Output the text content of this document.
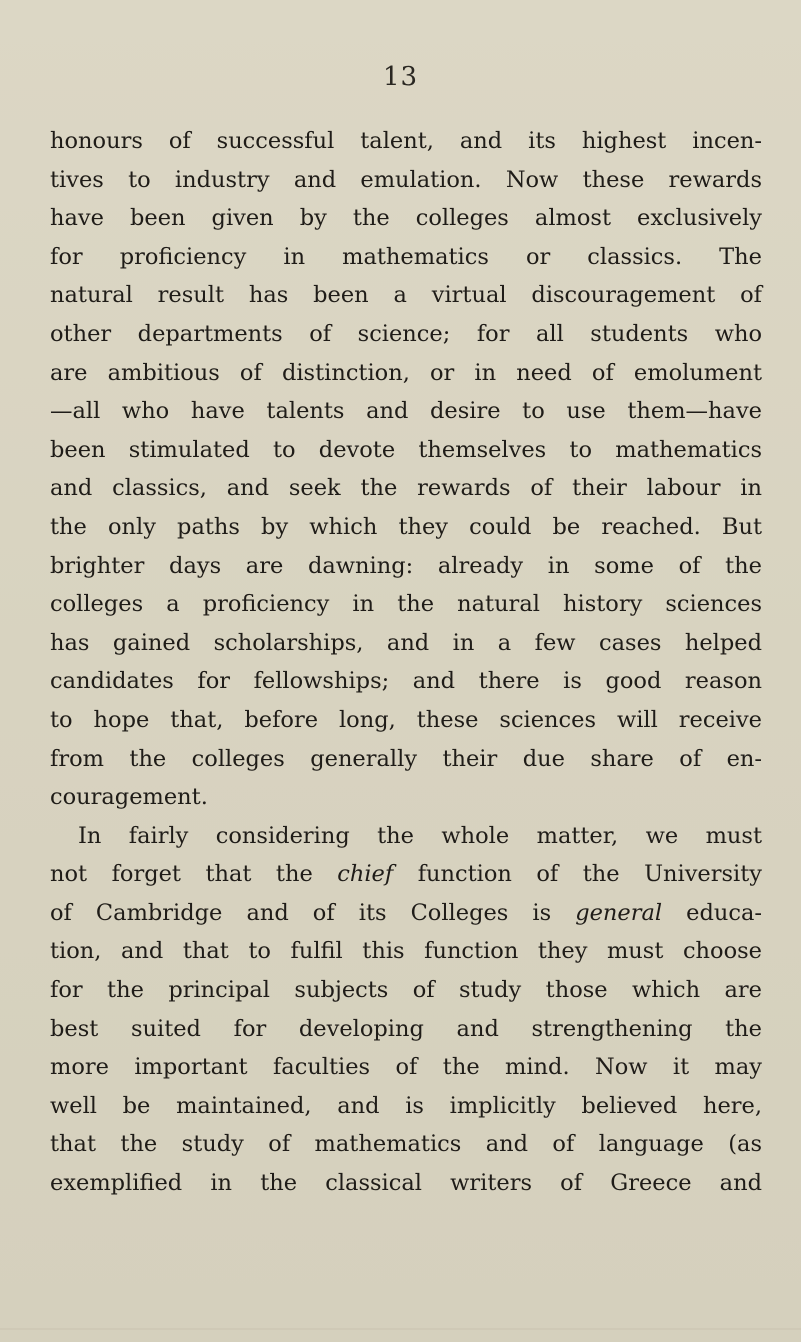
13
honours of successful talent, and its highest incen-
tives to industry and emulation. Now these rewards
have been given by the colleges almost exclusively
for proficiency in mathematics or classics. The
natural result has been a virtual discouragement of
other departments of science; for all students who
are ambitious of distinction, or in need of emolument
—all who have talents and desire to use them—have
been stimulated to devote themselves to mathematics
and classics, and seek the rewards of their labour in
the only paths by which they could be reached. But
brighter days are dawning: already in some of the
colleges a proficiency in the natural history sciences
has gained scholarships, and in a few cases helped
candidates for fellowships; and there is good reason
to hope that, before long, these sciences will receive
from the colleges generally their due share of en-
couragement.
In fairly considering the whole matter, we must
not forget that the chief function of the University
of Cambridge and of its Colleges is general educa-
tion, and that to fulfil this function they must choose
for the principal subjects of study those which are
best suited for developing and strengthening the
more important faculties of the mind. Now it may
well be maintained, and is implicitly believed here,
that the study of mathematics and of language (as
exemplified in the classical writers of Greece and
